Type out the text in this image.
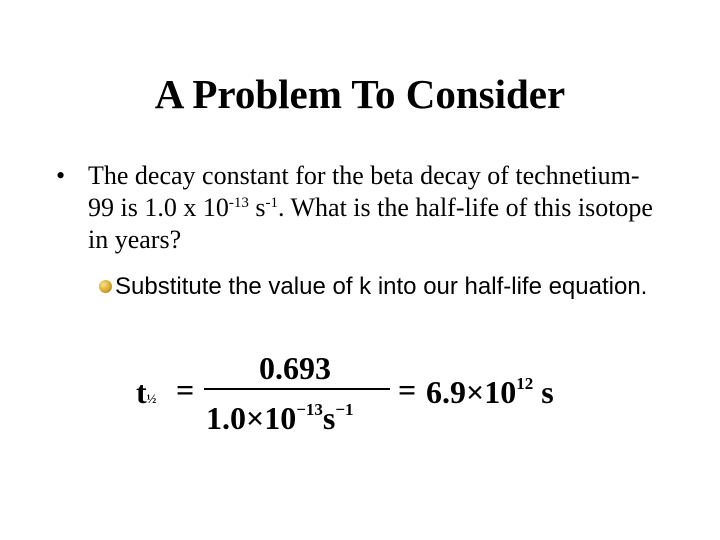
A Problem To Consider
• The decay constant for the beta decay of technetium-99 is 1.0 x $10^{-13}$ $s^{-1}$. What is the half-life of this isotope in years?
Substitute the value of k into our half-life equation.
t½ =
0.693
$1.0\times 10^{-13}s^{-1}$
= $6.9\times 10^{12}$ s
